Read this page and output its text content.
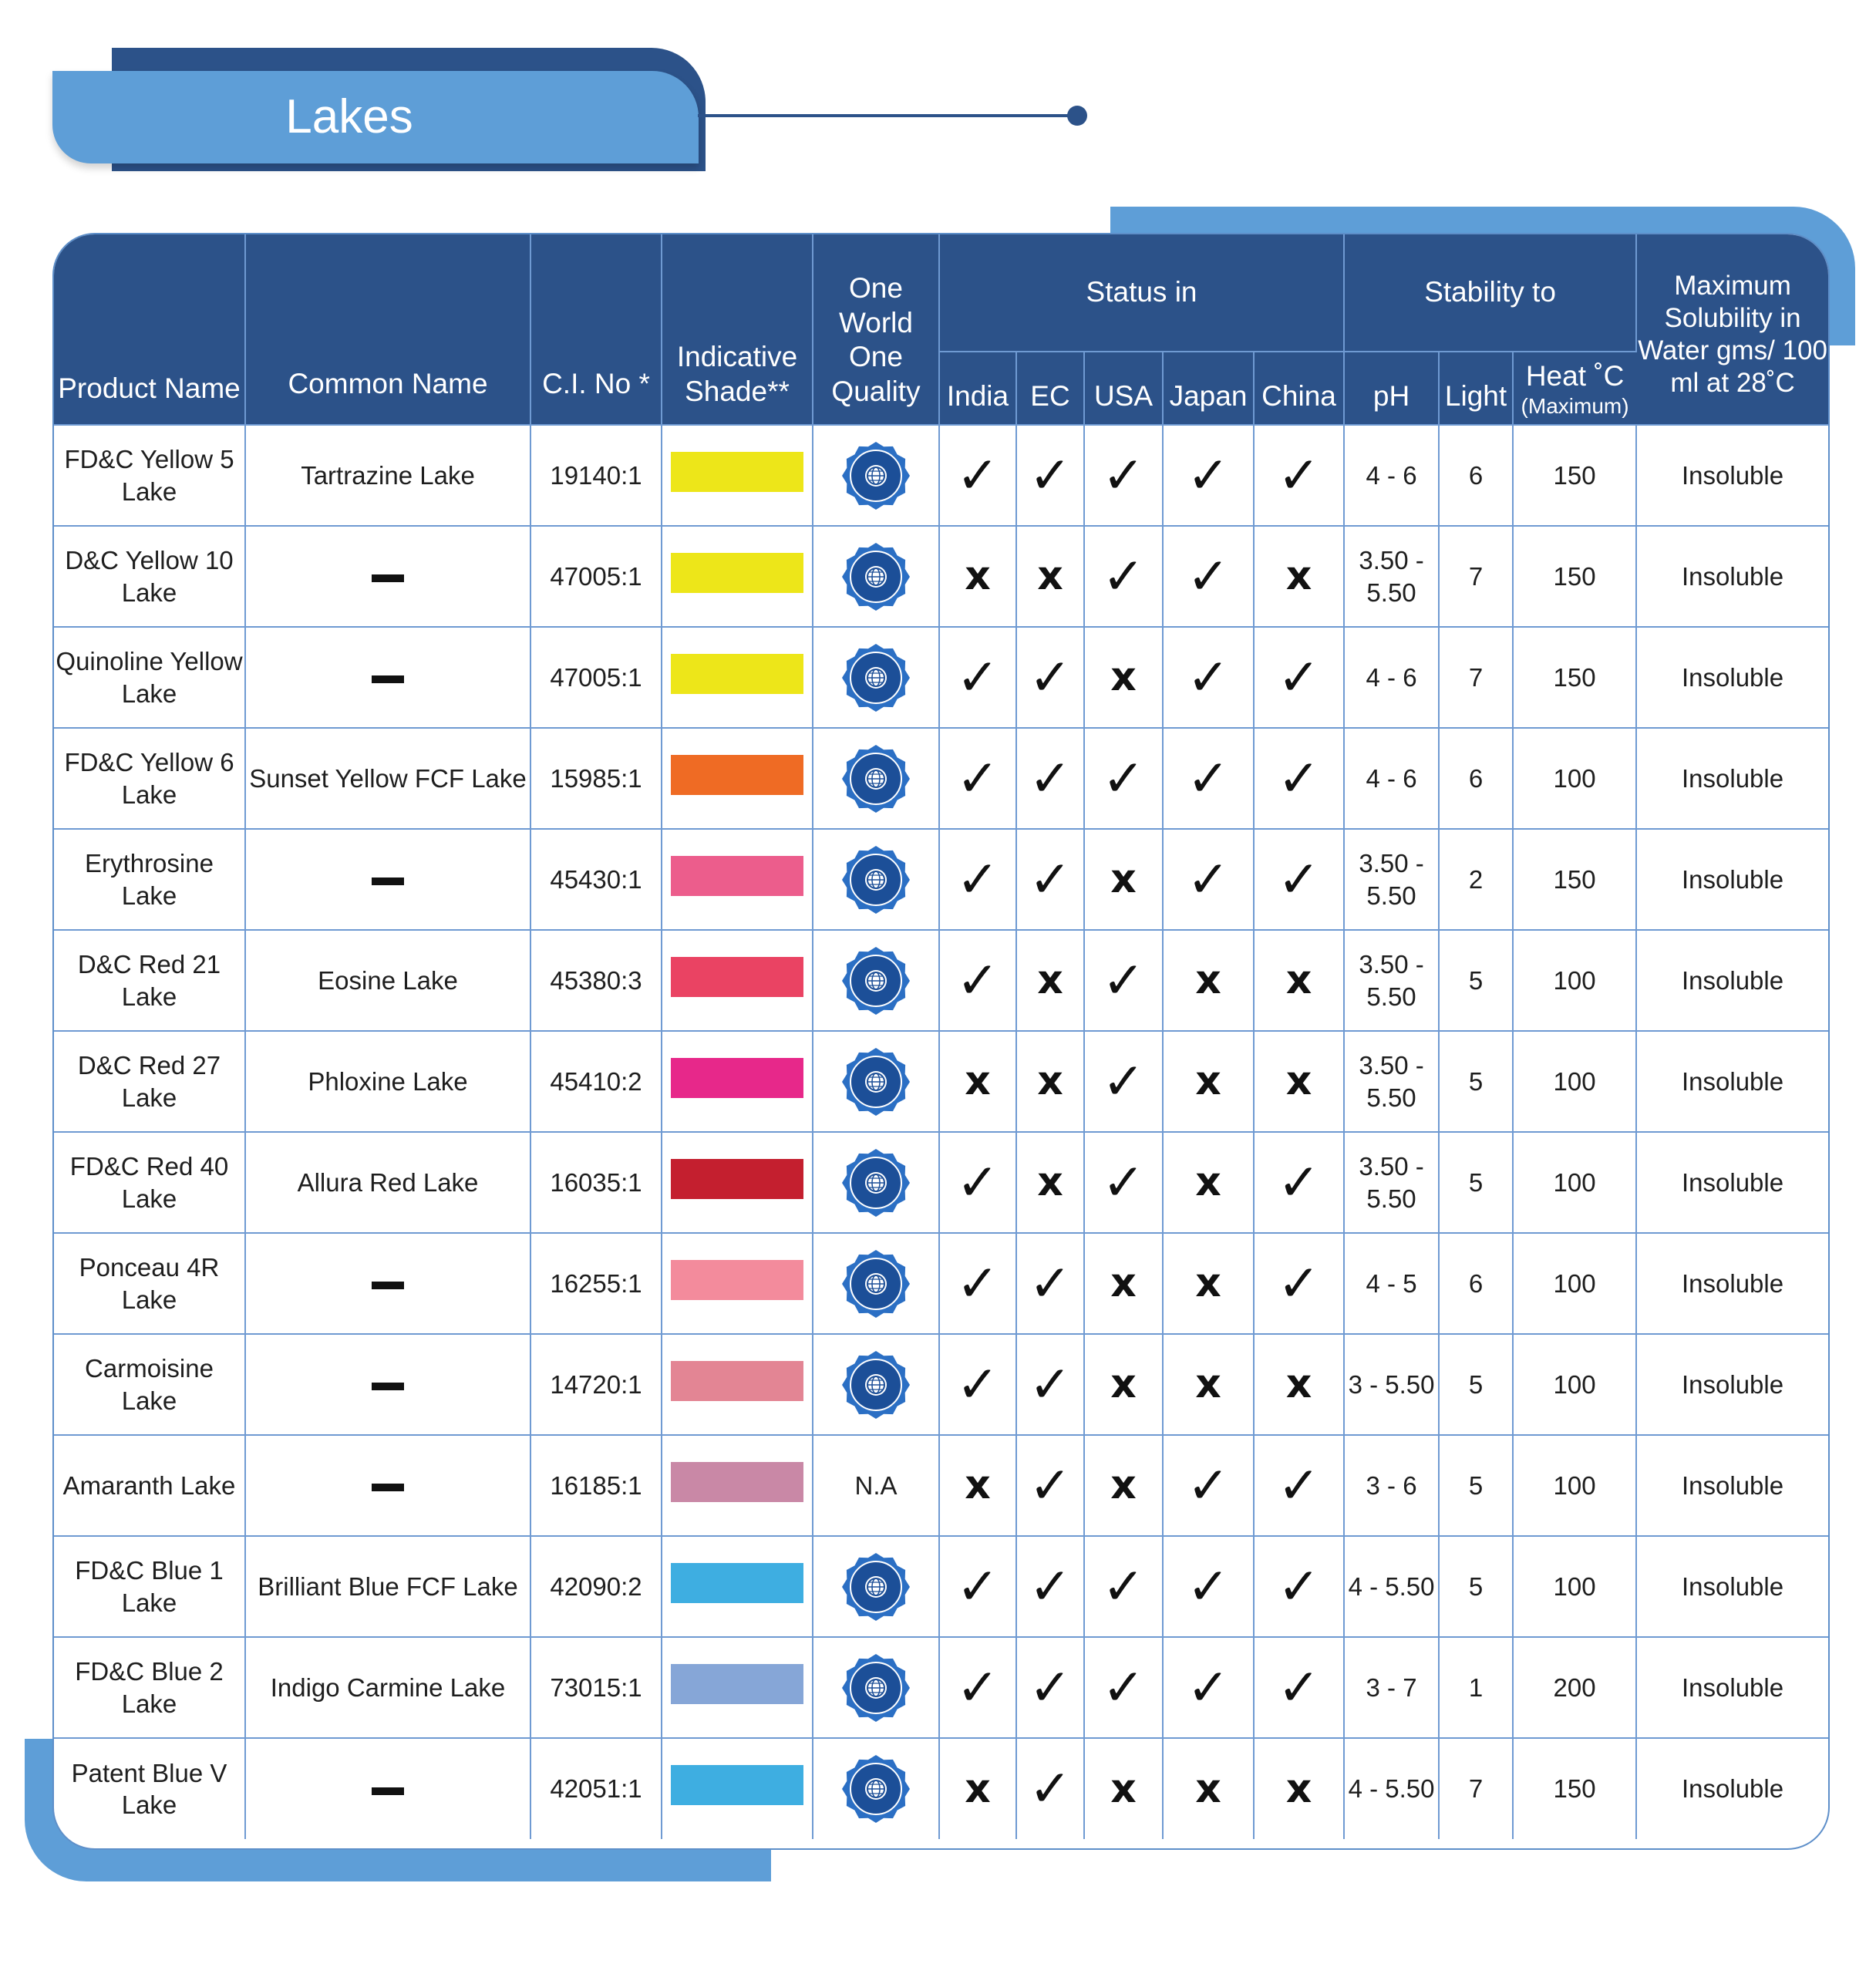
Lakes
Product Name	Common Name	C.I. No *	Indicative Shade**	One World One Quality	Status in					Stability to			Maximum Solubility in Water gms/ 100 ml at 28˚C
					India	EC	USA	Japan	China	pH	Light	Heat ˚C
(Maximum)	

FD&C Yellow 5 Lake	Tartrazine Lake	19140:1			✓	✓	✓	✓	✓	4 - 6	6	150	Insoluble
D&C Yellow 10 Lake		47005:1			x	x	✓	✓	x	3.50 - 5.50	7	150	Insoluble
Quinoline Yellow Lake		47005:1			✓	✓	x	✓	✓	4 - 6	7	150	Insoluble
FD&C Yellow 6 Lake	Sunset Yellow FCF Lake	15985:1			✓	✓	✓	✓	✓	4 - 6	6	100	Insoluble
Erythrosine Lake		45430:1			✓	✓	x	✓	✓	3.50 - 5.50	2	150	Insoluble
D&C Red 21 Lake	Eosine Lake	45380:3			✓	x	✓	x	x	3.50 - 5.50	5	100	Insoluble
D&C Red 27 Lake	Phloxine Lake	45410:2			x	x	✓	x	x	3.50 - 5.50	5	100	Insoluble
FD&C Red 40 Lake	Allura Red Lake	16035:1			✓	x	✓	x	✓	3.50 - 5.50	5	100	Insoluble
Ponceau 4R Lake		16255:1			✓	✓	x	x	✓	4 - 5	6	100	Insoluble
Carmoisine Lake		14720:1			✓	✓	x	x	x	3 - 5.50	5	100	Insoluble
Amaranth Lake		16185:1		N.A	x	✓	x	✓	✓	3 - 6	5	100	Insoluble
FD&C Blue 1 Lake	Brilliant Blue FCF Lake	42090:2			✓	✓	✓	✓	✓	4 - 5.50	5	100	Insoluble
FD&C Blue 2 Lake	Indigo Carmine Lake	73015:1			✓	✓	✓	✓	✓	3 - 7	1	200	Insoluble
Patent Blue V Lake		42051:1			x	✓	x	x	x	4 - 5.50	7	150	Insoluble
